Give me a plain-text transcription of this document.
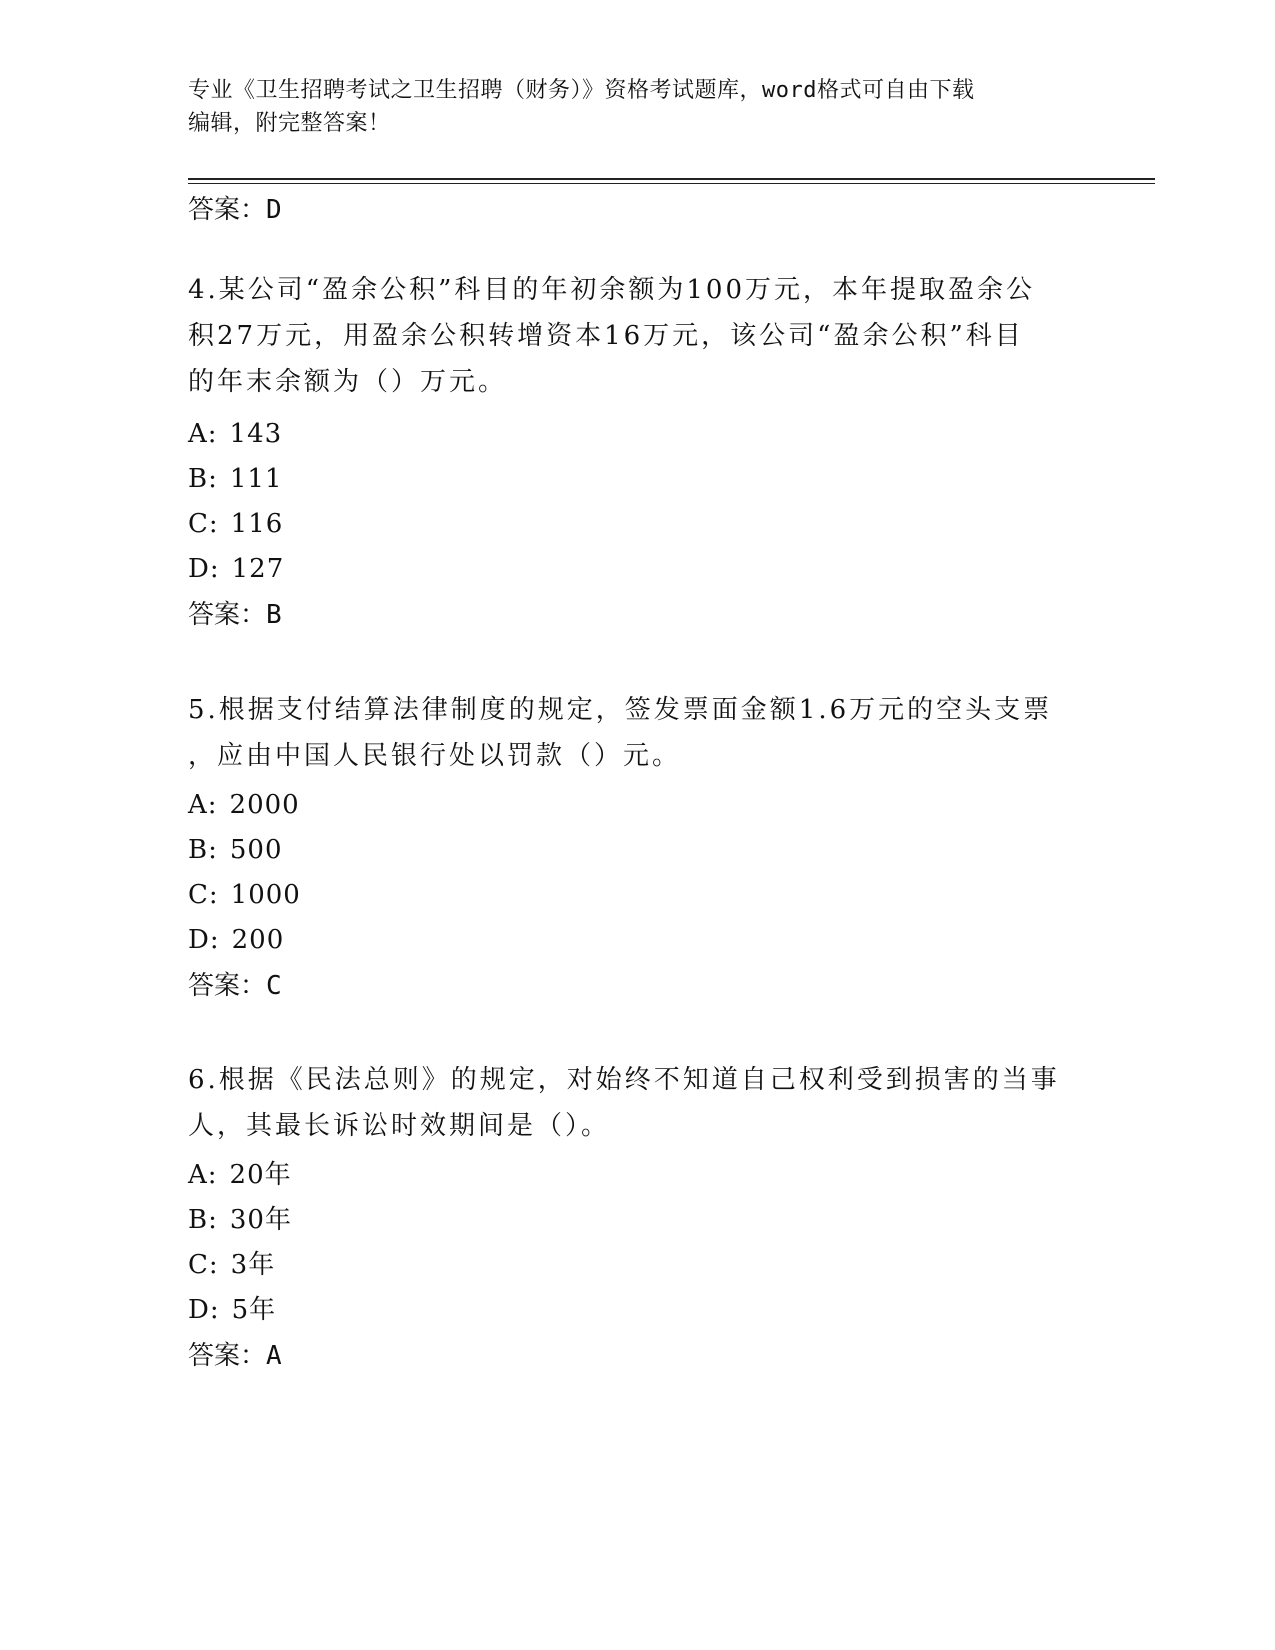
专业《卫生招聘考试之卫生招聘（财务）》资格考试题库，word格式可自由下载
编辑，附完整答案！
答案：D
4.某公司“盈余公积”科目的年初余额为100万元，本年提取盈余公
积27万元，用盈余公积转增资本16万元，该公司“盈余公积”科目
的年末余额为（）万元。
A: 143
B: 111
C: 116
D: 127
答案：B
5.根据支付结算法律制度的规定，签发票面金额1.6万元的空头支票
，应由中国人民银行处以罚款（）元。
A: 2000
B: 500
C: 1000
D: 200
答案：C
6.根据《民法总则》的规定，对始终不知道自己权利受到损害的当事
人，其最长诉讼时效期间是（）。
A: 20年
B: 30年
C: 3年
D: 5年
答案：A
